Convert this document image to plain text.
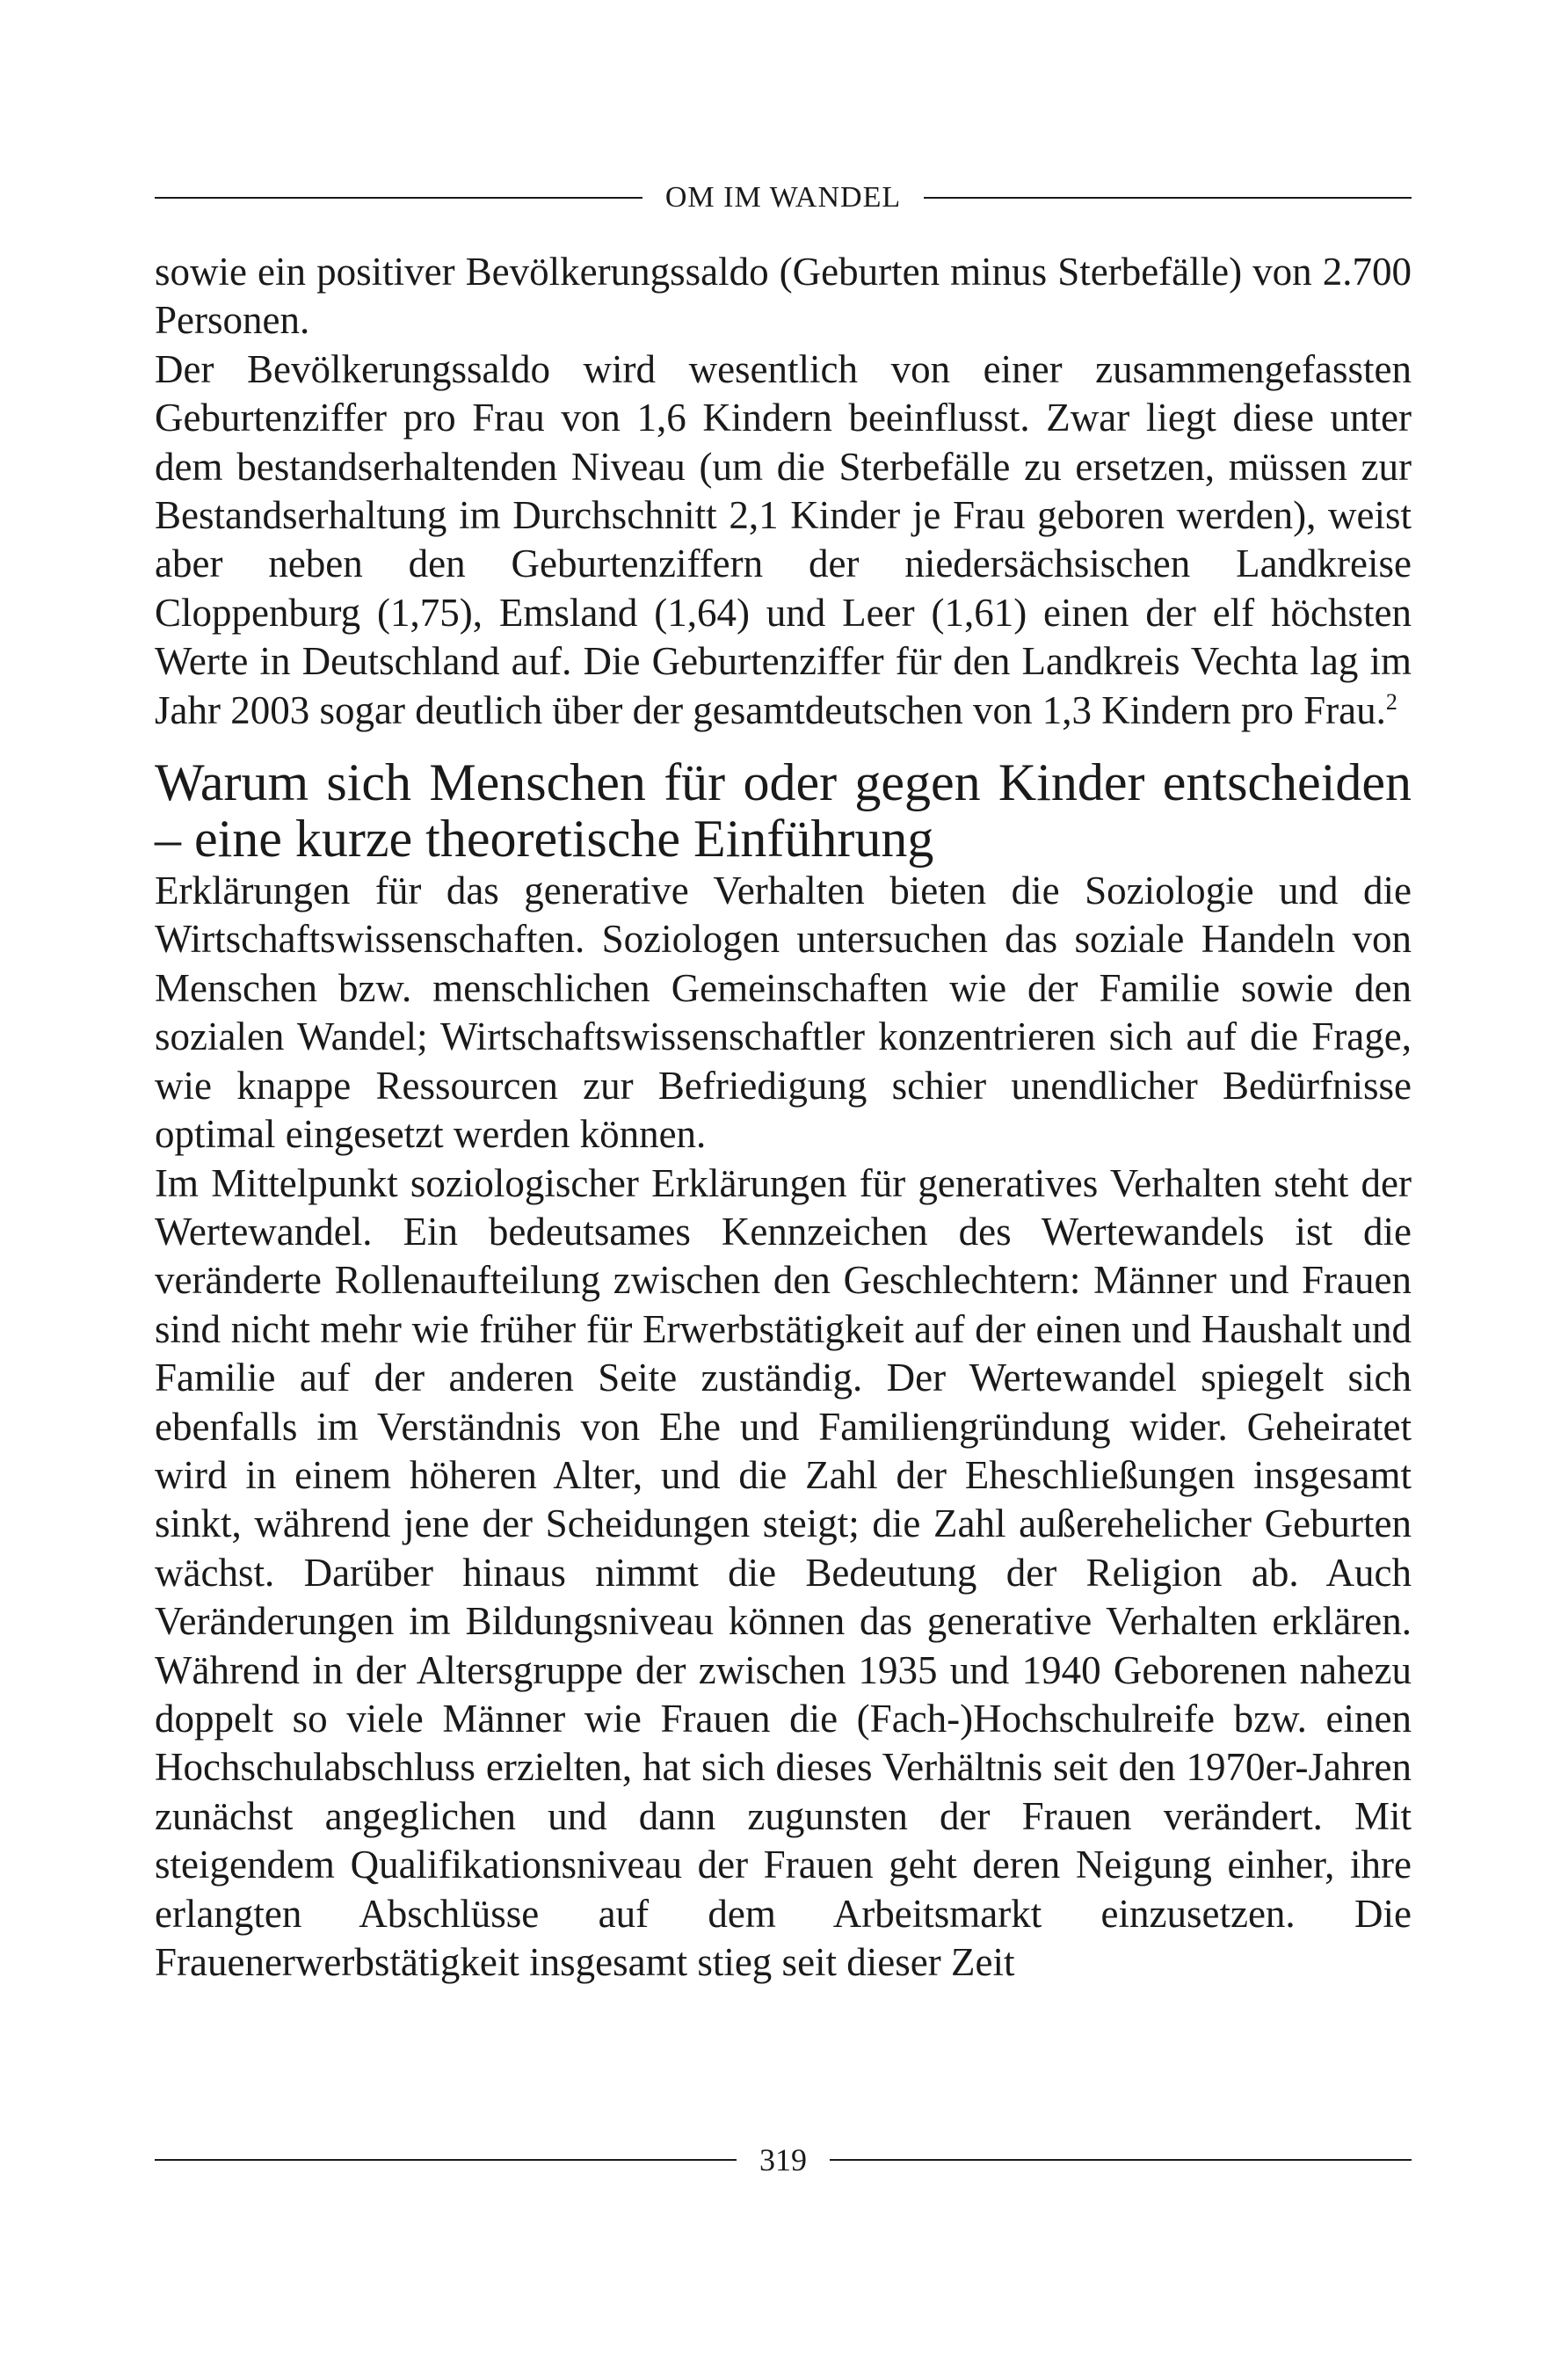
OM IM WANDEL

sowie ein positiver Bevölkerungssaldo (Geburten minus Sterbefälle) von 2.700 Personen.

Der Bevölkerungssaldo wird wesentlich von einer zusammengefassten Geburtenziffer pro Frau von 1,6 Kindern beeinflusst. Zwar liegt diese unter dem bestandserhaltenden Niveau (um die Sterbefälle zu ersetzen, müssen zur Bestandserhaltung im Durchschnitt 2,1 Kinder je Frau geboren werden), weist aber neben den Geburtenziffern der niedersächsischen Landkreise Cloppenburg (1,75), Emsland (1,64) und Leer (1,61) einen der elf höchsten Werte in Deutschland auf. Die Geburtenziffer für den Landkreis Vechta lag im Jahr 2003 sogar deutlich über der gesamtdeutschen von 1,3 Kindern pro Frau.$^2$

Warum sich Menschen für oder gegen Kinder entscheiden – eine kurze theoretische Einführung

Erklärungen für das generative Verhalten bieten die Soziologie und die Wirtschaftswissenschaften. Soziologen untersuchen das soziale Handeln von Menschen bzw. menschlichen Gemeinschaften wie der Familie sowie den sozialen Wandel; Wirtschaftswissenschaftler konzentrieren sich auf die Frage, wie knappe Ressourcen zur Befriedigung schier unendlicher Bedürfnisse optimal eingesetzt werden können.

Im Mittelpunkt soziologischer Erklärungen für generatives Verhalten steht der Wertewandel. Ein bedeutsames Kennzeichen des Wertewandels ist die veränderte Rollenaufteilung zwischen den Geschlechtern: Männer und Frauen sind nicht mehr wie früher für Erwerbstätigkeit auf der einen und Haushalt und Familie auf der anderen Seite zuständig. Der Wertewandel spiegelt sich ebenfalls im Verständnis von Ehe und Familiengründung wider. Geheiratet wird in einem höheren Alter, und die Zahl der Eheschließungen insgesamt sinkt, während jene der Scheidungen steigt; die Zahl außerehelicher Geburten wächst. Darüber hinaus nimmt die Bedeutung der Religion ab. Auch Veränderungen im Bildungsniveau können das generative Verhalten erklären. Während in der Altersgruppe der zwischen 1935 und 1940 Geborenen nahezu doppelt so viele Männer wie Frauen die (Fach-)Hochschulreife bzw. einen Hochschulabschluss erzielten, hat sich dieses Verhältnis seit den 1970er-Jahren zunächst angeglichen und dann zugunsten der Frauen verändert. Mit steigendem Qualifikationsniveau der Frauen geht deren Neigung einher, ihre erlangten Abschlüsse auf dem Arbeitsmarkt einzusetzen. Die Frauenerwerbstätigkeit insgesamt stieg seit dieser Zeit

319
